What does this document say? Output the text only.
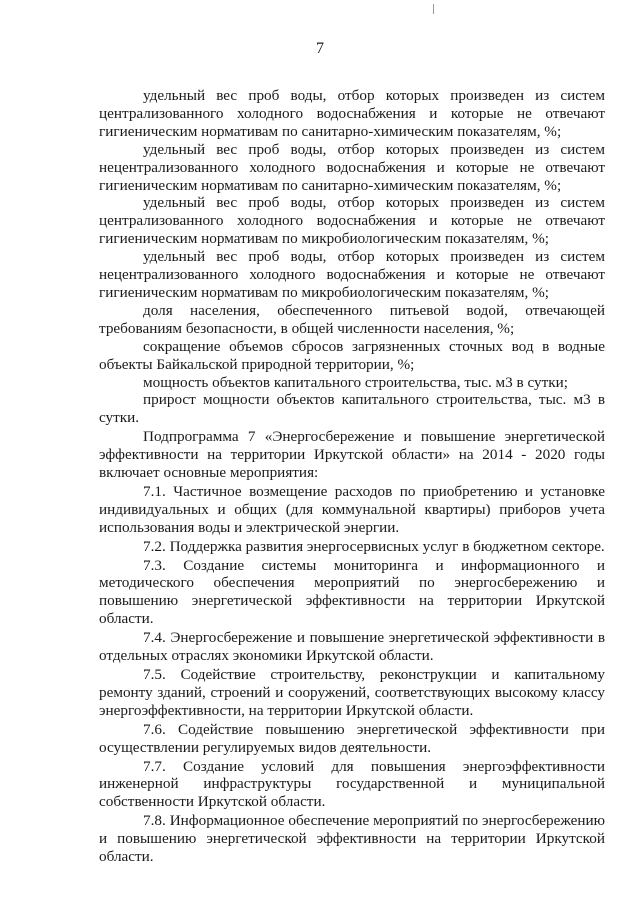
7

удельный вес проб воды, отбор которых произведен из систем централизованного холодного водоснабжения и которые не отвечают гигиеническим нормативам по санитарно-химическим показателям, %;

удельный вес проб воды, отбор которых произведен из систем нецентрализованного холодного водоснабжения и которые не отвечают гигиеническим нормативам по санитарно-химическим показателям, %;

удельный вес проб воды, отбор которых произведен из систем централизованного холодного водоснабжения и которые не отвечают гигиеническим нормативам по микробиологическим показателям, %;

удельный вес проб воды, отбор которых произведен из систем нецентрализованного холодного водоснабжения и которые не отвечают гигиеническим нормативам по микробиологическим показателям, %;

доля населения, обеспеченного питьевой водой, отвечающей требованиям безопасности, в общей численности населения, %;

сокращение объемов сбросов загрязненных сточных вод в водные объекты Байкальской природной территории, %;

мощность объектов капитального строительства, тыс. м3 в сутки;

прирост мощности объектов капитального строительства, тыс. м3 в сутки.

Подпрограмма 7 «Энергосбережение и повышение энергетической эффективности на территории Иркутской области» на 2014 - 2020 годы включает основные мероприятия:

7.1. Частичное возмещение расходов по приобретению и установке индивидуальных и общих (для коммунальной квартиры) приборов учета использования воды и электрической энергии.

7.2. Поддержка развития энергосервисных услуг в бюджетном секторе.

7.3. Создание системы мониторинга и информационного и методического обеспечения мероприятий по энергосбережению и повышению энергетической эффективности на территории Иркутской области.

7.4. Энергосбережение и повышение энергетической эффективности в отдельных отраслях экономики Иркутской области.

7.5. Содействие строительству, реконструкции и капитальному ремонту зданий, строений и сооружений, соответствующих высокому классу энергоэффективности, на территории Иркутской области.

7.6. Содействие повышению энергетической эффективности при осуществлении регулируемых видов деятельности.

7.7. Создание условий для повышения энергоэффективности инженерной инфраструктуры государственной и муниципальной собственности Иркутской области.

7.8. Информационное обеспечение мероприятий по энергосбережению и повышению энергетической эффективности на территории Иркутской области.
